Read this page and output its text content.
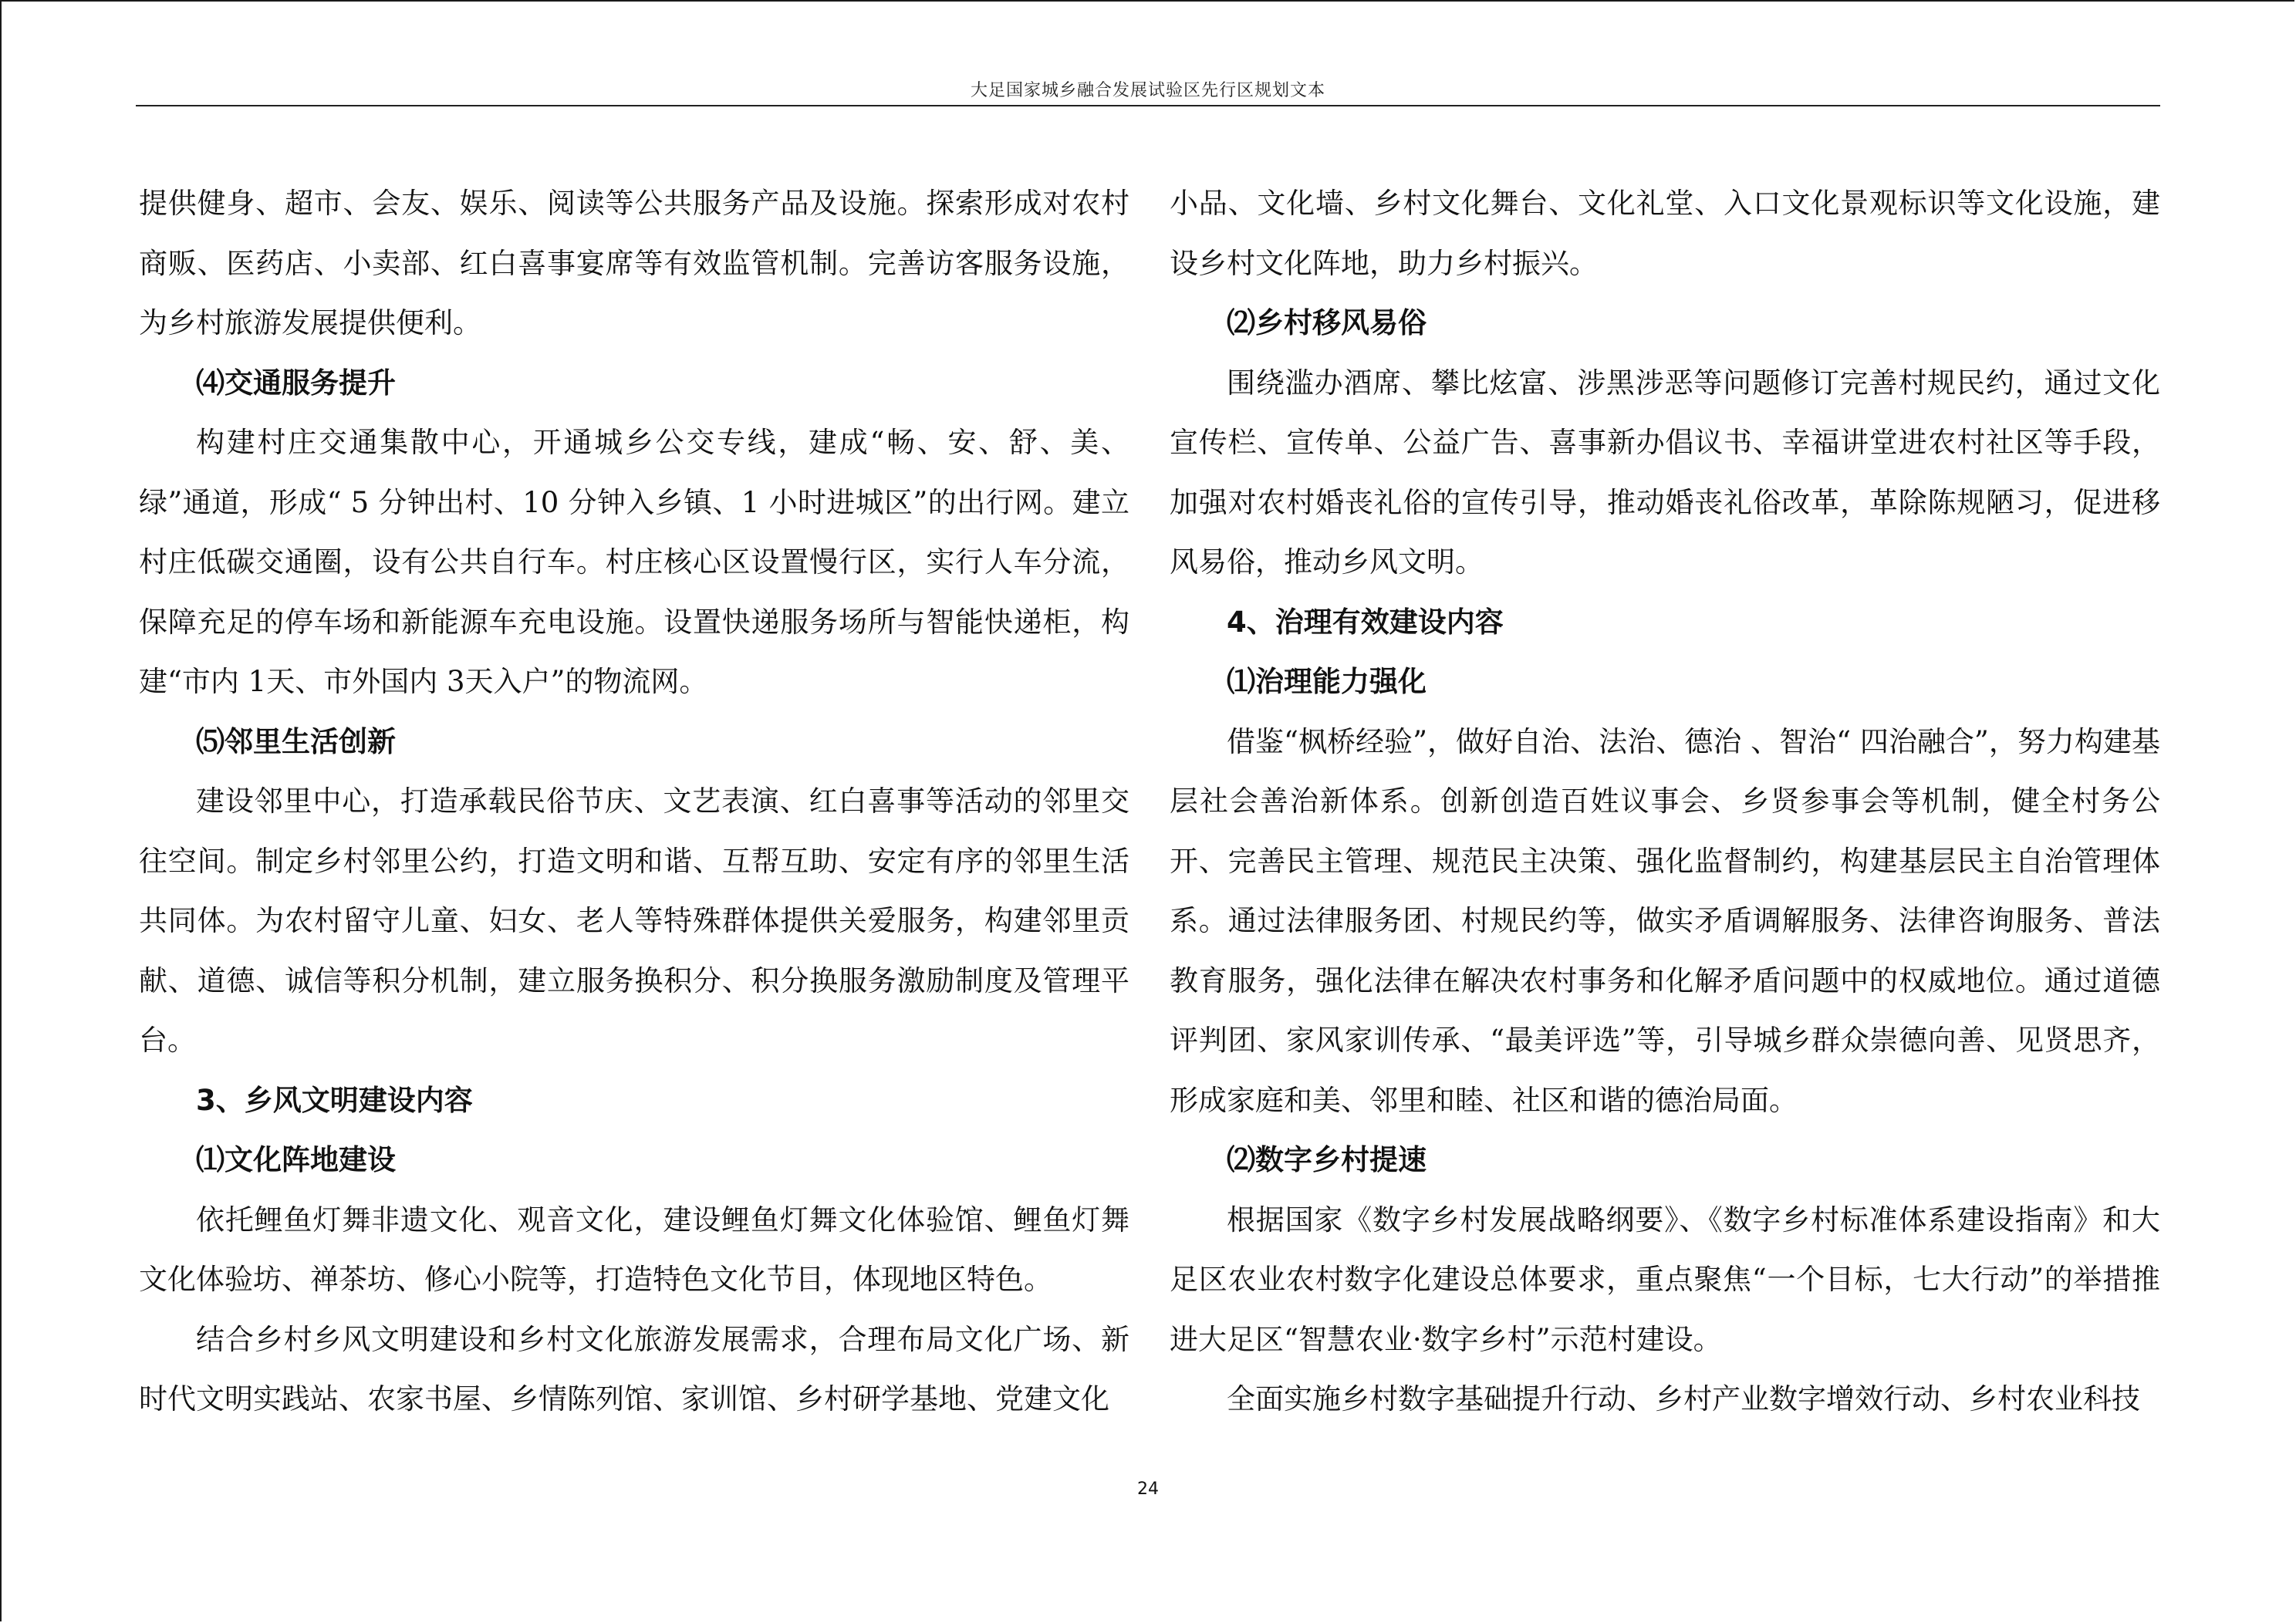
大足国家城乡融合发展试验区先行区规划文本

提供健身、超市、会友、娱乐、阅读等公共服务产品及设施。探索形成对农村商贩、医药店、小卖部、红白喜事宴席等有效监管机制。完善访客服务设施，为乡村旅游发展提供便利。

⑷交通服务提升

构建村庄交通集散中心，开通城乡公交专线，建成“畅、安、舒、美、绿”通道，形成“ 5 分钟出村、10 分钟入乡镇、1 小时进城区”的出行网。建立村庄低碳交通圈，设有公共自行车。村庄核心区设置慢行区，实行人车分流，保障充足的停车场和新能源车充电设施。设置快递服务场所与智能快递柜，构建“市内 1天、市外国内 3天入户”的物流网。

⑸邻里生活创新

建设邻里中心，打造承载民俗节庆、文艺表演、红白喜事等活动的邻里交往空间。制定乡村邻里公约，打造文明和谐、互帮互助、安定有序的邻里生活共同体。为农村留守儿童、妇女、老人等特殊群体提供关爱服务，构建邻里贡献、道德、诚信等积分机制，建立服务换积分、积分换服务激励制度及管理平台。

3、乡风文明建设内容

⑴文化阵地建设

依托鲤鱼灯舞非遗文化、观音文化，建设鲤鱼灯舞文化体验馆、鲤鱼灯舞文化体验坊、禅茶坊、修心小院等，打造特色文化节目，体现地区特色。

结合乡村乡风文明建设和乡村文化旅游发展需求，合理布局文化广场、新时代文明实践站、农家书屋、乡情陈列馆、家训馆、乡村研学基地、党建文化

小品、文化墙、乡村文化舞台、文化礼堂、入口文化景观标识等文化设施，建设乡村文化阵地，助力乡村振兴。

⑵乡村移风易俗

围绕滥办酒席、攀比炫富、涉黑涉恶等问题修订完善村规民约，通过文化宣传栏、宣传单、公益广告、喜事新办倡议书、幸福讲堂进农村社区等手段，加强对农村婚丧礼俗的宣传引导，推动婚丧礼俗改革，革除陈规陋习，促进移风易俗，推动乡风文明。

4、治理有效建设内容

⑴治理能力强化

借鉴“枫桥经验”，做好自治、法治、德治 、智治“ 四治融合”，努力构建基层社会善治新体系。创新创造百姓议事会、乡贤参事会等机制，健全村务公开、完善民主管理、规范民主决策、强化监督制约，构建基层民主自治管理体系。通过法律服务团、村规民约等，做实矛盾调解服务、法律咨询服务、普法教育服务，强化法律在解决农村事务和化解矛盾问题中的权威地位。通过道德评判团、家风家训传承、“最美评选”等，引导城乡群众崇德向善、见贤思齐，形成家庭和美、邻里和睦、社区和谐的德治局面。

⑵数字乡村提速

根据国家《数字乡村发展战略纲要》、《数字乡村标准体系建设指南》和大足区农业农村数字化建设总体要求，重点聚焦“一个目标，七大行动”的举措推进大足区“智慧农业·数字乡村”示范村建设。

全面实施乡村数字基础提升行动、乡村产业数字增效行动、乡村农业科技

24
